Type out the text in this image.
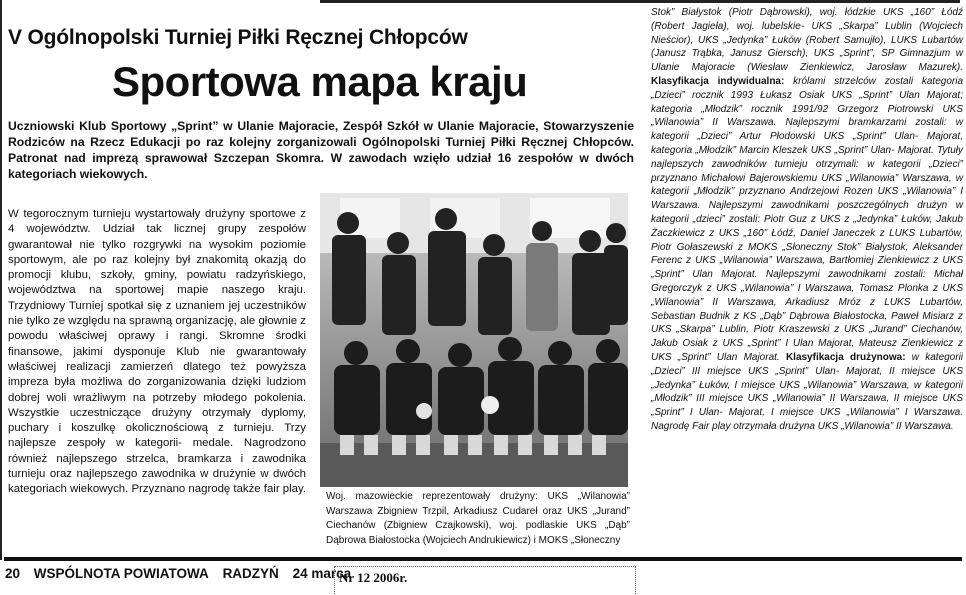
V Ogólnopolski Turniej Piłki Ręcznej Chłopców
Sportowa mapa kraju
Uczniowski Klub Sportowy „Sprint” w Ulanie Majoracie, Zespół Szkół w Ulanie Majoracie, Stowarzyszenie Rodziców na Rzecz Edukacji po raz kolejny zorganizowali Ogólnopolski Turniej Piłki Ręcznej Chłopców. Patronat nad imprezą sprawował Szczepan Skomra. W zawodach wzięło udział 16 zespołów w dwóch kategoriach wiekowych.
W tegorocznym turnieju wystartowały drużyny sportowe z 4 województw. Udział tak licznej grupy zespołów gwarantował nie tylko rozgrywki na wysokim poziomie sportowym, ale po raz kolejny był znakomitą okazją do promocji klubu, szkoły, gminy, powiatu radzyńskiego, województwa na sportowej mapie naszego kraju. Trzydniowy Turniej spotkał się z uznaniem jej uczestników nie tylko ze względu na sprawną organizację, ale głownie z powodu właściwej oprawy i rangi. Skromne środki finansowe, jakimi dysponuje Klub nie gwarantowały właściwej realizacji zamierzeń dlatego też powyższa impreza była możliwa do zorganizowania dzięki ludziom dobrej woli wrażliwym na potrzeby młodego pokolenia. Wszystkie uczestniczące drużyny otrzymały dyplomy, puchary i koszulkę okolicznościową z turnieju. Trzy najlepsze zespoły w kategorii- medale. Nagrodzono również najlepszego strzelca, bramkarza i zawodnika turnieju oraz najlepszego zawodnika w drużynie w dwóch kategoriach wiekowych. Przyznano nagrodę także fair play.
Woj. mazowieckie reprezentowały drużyny: UKS „Wilanowia” Warszawa Zbigniew Trzpil, Arkadiusz Cudareł oraz UKS „Jurand” Ciechanów (Zbigniew Czajkowski), woj. podlaskie UKS „Dąb” Dąbrowa Białostocka (Wojciech Andrukiewicz) i MOKS „Słoneczny
Stok” Białystok (Piotr Dąbrowski), woj. łódzkie UKS „160” Łódź (Robert Jagieła), woj. lubelskie- UKS „Skarpa” Lublin (Wojciech Nieścior), UKS „Jedynka” Łuków (Robert Samujło), LUKS Lubartów (Janusz Trąbka, Janusz Giersch), UKS „Sprint”, SP Gimnazjum w Ulanie Majoracie (Wiesław Zienkiewicz, Jarosław Mazurek). Klasyfikacja indywidualna: królami strzelców zostali kategoria „Dzieci” rocznik 1993 Łukasz Osiak UKS „Sprint” Ulan Majorat; kategoria „Młodzik” rocznik 1991/92 Grzegorz Piotrowski UKS „Wilanowia” II Warszawa. Najlepszymi bramkarzami zostali: w kategorii „Dzieci” Artur Płodowski UKS „Sprint” Ulan- Majorat, kategoria „Młodzik” Marcin Kleszek UKS „Sprint” Ulan- Majorat. Tytuły najlepszych zawodników turnieju otrzymali: w kategorii „Dzieci” przyznano Michałowi Bajerowskiemu UKS „Wilanowia” Warszawa, w kategorii „Młodzik” przyznano Andrzejowi Rozen UKS „Wilanowia” I Warszawa. Najlepszymi zawodnikami poszczególnych drużyn w kategorii „dzieci” zostali: Piotr Guz z UKS z „Jedynka” Łuków, Jakub Żaczkiewicz z UKS „160” Łódź, Daniel Janeczek z LUKS Lubartów, Piotr Gołaszewski z MOKS „Słoneczny Stok” Białystok, Aleksander Ferenc z UKS „Wilanowia” Warszawa, Bartłomiej Zienkiewicz z UKS „Sprint” Ulan Majorat. Najlepszymi zawodnikami zostali: Michał Gregorczyk z UKS „Wilanowia” I Warszawa, Tomasz Plonka z UKS „Wilanowia” II Warszawa, Arkadiusz Mróz z LUKS Lubartów, Sebastian Budnik z KS „Dąb” Dąbrowa Białostocka, Paweł Misiarz z UKS „Skarpa” Lublin, Piotr Kraszewski z UKS „Jurand” Ciechanów, Jakub Osiak z UKS „Sprint” I Ulan Majorat, Mateusz Zienkiewicz z UKS „Sprint” Ulan Majorat. Klasyfikacja drużynowa: w kategorii „Dzieci” III miejsce UKS „Sprint” Ulan- Majorat, II miejsce UKS „Jedynka” Łuków, I miejsce UKS „Wilanowia” Warszawa, w kategorii „Młodzik” III miejsce UKS „Wilanowia” II Warszawa, II miejsce UKS „Sprint” I Ulan- Majorat, I miejsce UKS „Wilanowia” I Warszawa. Nagrodę Fair play otrzymała drużyna UKS „Wilanowia” II Warszawa.
20 WSPÓLNOTA POWIATOWA RADZYŃ 24 marca
Nr 12 2006r.
